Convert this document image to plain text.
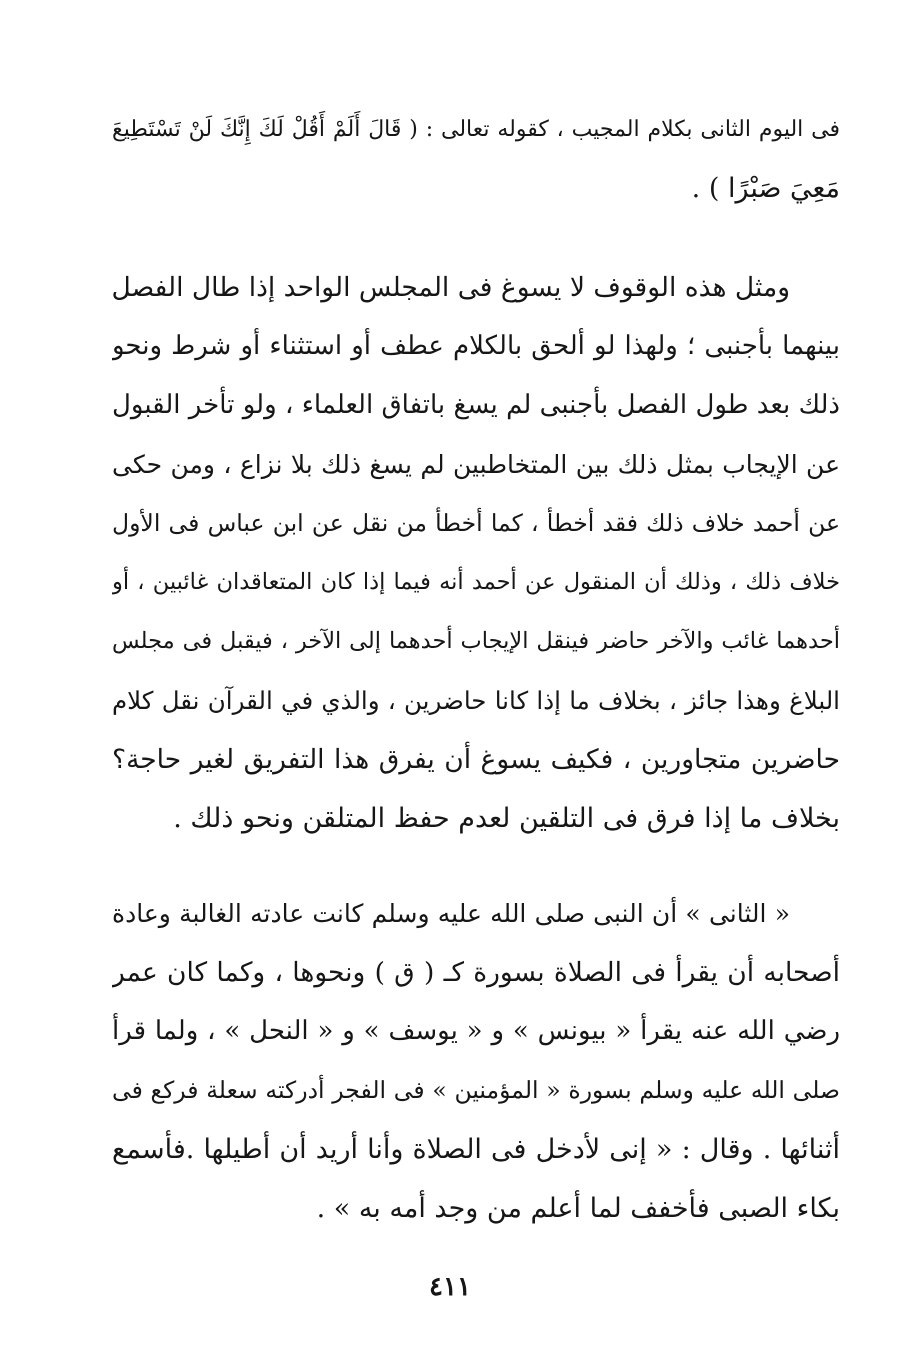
فى اليوم الثانى بكلام المجيب ، كقوله تعالى : ( قَالَ أَلَمْ أَقُلْ لَكَ إِنَّكَ لَنْ تَسْتَطِيعَ
مَعِيَ صَبْرًا ) .
ومثل هذه الوقوف لا يسوغ فى المجلس الواحد إذا طال الفصل
بينهما بأجنبى ؛ ولهذا لو ألحق بالكلام عطف أو استثناء أو شرط ونحو
ذلك بعد طول الفصل بأجنبى لم يسغ باتفاق العلماء ، ولو تأخر القبول
عن الإيجاب بمثل ذلك بين المتخاطبين لم يسغ ذلك بلا نزاع ، ومن حكى
عن أحمد خلاف ذلك فقد أخطأ ، كما أخطأ من نقل عن ابن عباس فى الأول
خلاف ذلك ، وذلك أن المنقول عن أحمد أنه فيما إذا كان المتعاقدان غائبين ، أو
أحدهما غائب والآخر حاضر فينقل الإيجاب أحدهما إلى الآخر ، فيقبل فى مجلس
البلاغ وهذا جائز ، بخلاف ما إذا كانا حاضرين ، والذي في القرآن نقل كلام
حاضرين متجاورين ، فكيف يسوغ أن يفرق هذا التفريق لغير حاجة؟
بخلاف ما إذا فرق فى التلقين لعدم حفظ المتلقن ونحو ذلك .
« الثانى » أن النبى صلى الله عليه وسلم كانت عادته الغالبة وعادة
أصحابه أن يقرأ فى الصلاة بسورة كـ ( ق ) ونحوها ، وكما كان عمر
رضي الله عنه يقرأ « بيونس » و « يوسف » و « النحل » ، ولما قرأ
صلى الله عليه وسلم بسورة « المؤمنين » فى الفجر أدركته سعلة فركع فى
أثنائها . وقال : « إنى لأدخل فى الصلاة وأنا أريد أن أطيلها .فأسمع
بكاء الصبى فأخفف لما أعلم من وجد أمه به » .
٤١١
